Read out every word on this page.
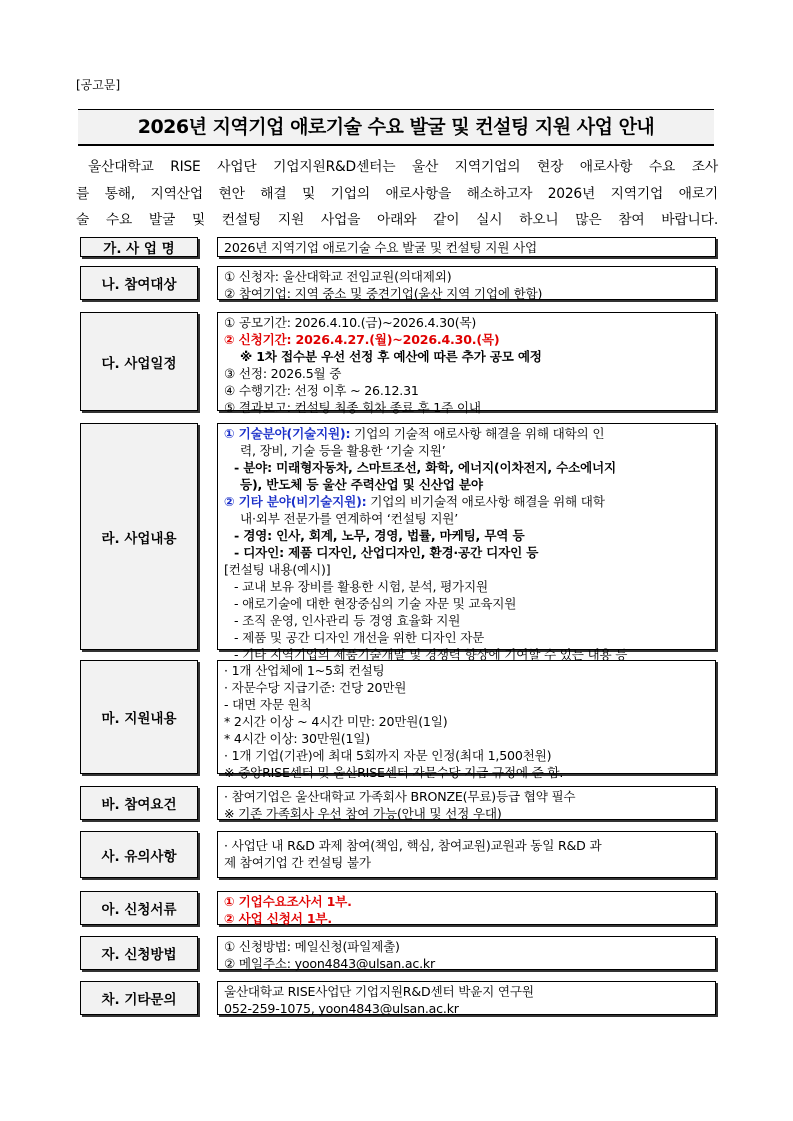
[공고문]
2026년 지역기업 애로기술 수요 발굴 및 컨설팅 지원 사업 안내

울산대학교 RISE 사업단 기업지원R&D센터는 울산 지역기업의 현장 애로사항 수요 조사

를 통해, 지역산업 현안 해결 및 기업의 애로사항을 해소하고자 2026년 지역기업 애로기

술 수요 발굴 및 컨설팅 지원 사업을 아래와 같이 실시 하오니 많은 참여 바랍니다.

가. 사 업 명	2026년 지역기업 애로기술 수요 발굴 및 컨설팅 지원 사업
나. 참여대상
① 신청자: 울산대학교 전임교원(의대제외)
② 참여기업: 지역 중소 및 중견기업(울산 지역 기업에 한함)
다. 사업일정
① 공모기간: 2026.4.10.(금)~2026.4.30(목)
② 신청기간: 2026.4.27.(월)~2026.4.30.(목)
※ 1차 접수분 우선 선정 후 예산에 따른 추가 공모 예정
③ 선정: 2026.5월 중
④ 수행기간: 선정 이후 ~ 26.12.31
⑤ 결과보고: 컨설팅 최종 회차 종료 후 1주 이내
라. 사업내용
① 기술분야(기술지원): 기업의 기술적 애로사항 해결을 위해 대학의 인
력, 장비, 기술 등을 활용한 ‘기술 지원’
- 분야: 미래형자동차, 스마트조선, 화학, 에너지(이차전지, 수소에너지
등), 반도체 등 울산 주력산업 및 신산업 분야
② 기타 분야(비기술지원): 기업의 비기술적 애로사항 해결을 위해 대학
내·외부 전문가를 연계하여 ‘컨설팅 지원’
- 경영: 인사, 회계, 노무, 경영, 법률, 마케팅, 무역 등
- 디자인: 제품 디자인, 산업디자인, 환경·공간 디자인 등
[컨설팅 내용(예시)]
- 교내 보유 장비를 활용한 시험, 분석, 평가지원
- 애로기술에 대한 현장중심의 기술 자문 및 교육지원
- 조직 운영, 인사관리 등 경영 효율화 지원
- 제품 및 공간 디자인 개선을 위한 디자인 자문
- 기타 지역기업의 제품기술개발 및 경쟁력 향상에 기여할 수 있는 내용 등
마. 지원내용
· 1개 산업체에 1~5회 컨설팅
· 자문수당 지급기준: 건당 20만원
- 대면 자문 원칙
* 2시간 이상 ~ 4시간 미만: 20만원(1일)
* 4시간 이상: 30만원(1일)
· 1개 기업(기관)에 최대 5회까지 자문 인정(최대 1,500천원)
※ 중앙RISE센터 및 울산RISE센터 자문수당 지급 규정에 준 함.
바. 참여요건
· 참여기업은 울산대학교 가족회사 BRONZE(무료)등급 협약 필수
※ 기존 가족회사 우선 참여 가능(안내 및 선정 우대)
사. 유의사항
· 사업단 내 R&D 과제 참여(책임, 핵심, 참여교원)교원과 동일 R&D 과
제 참여기업 간 컨설팅 불가
아. 신청서류
① 기업수요조사서 1부.
② 사업 신청서 1부.
자. 신청방법
① 신청방법: 메일신청(파일제출)
② 메일주소: yoon4843@ulsan.ac.kr
차. 기타문의
울산대학교 RISE사업단 기업지원R&D센터 박윤지 연구원
052-259-1075, yoon4843@ulsan.ac.kr
